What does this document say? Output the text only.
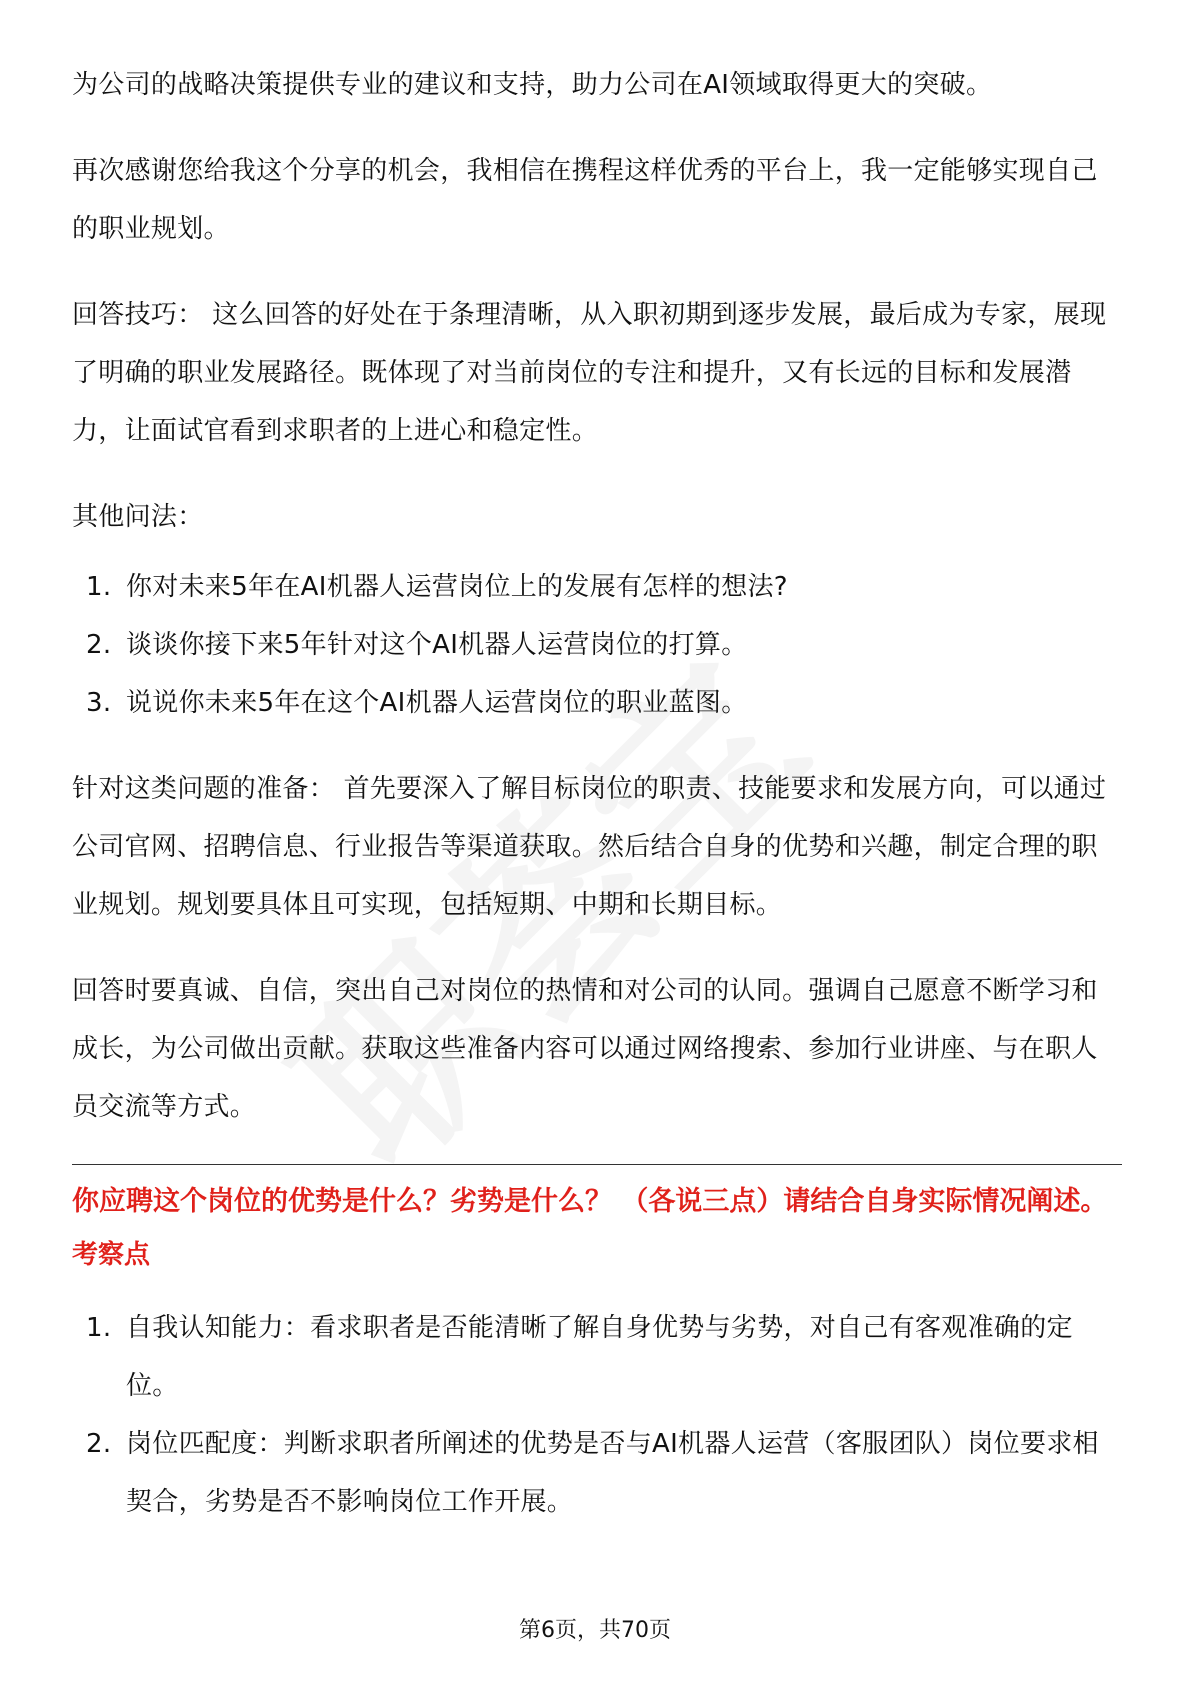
为公司的战略决策提供专业的建议和支持，助力公司在AI领域取得更大的突破。

再次感谢您给我这个分享的机会，我相信在携程这样优秀的平台上，我一定能够实现自己的职业规划。

回答技巧： 这么回答的好处在于条理清晰，从入职初期到逐步发展，最后成为专家，展现了明确的职业发展路径。既体现了对当前岗位的专注和提升，又有长远的目标和发展潜力，让面试官看到求职者的上进心和稳定性。

其他问法：

1. 你对未来5年在AI机器人运营岗位上的发展有怎样的想法?
2. 谈谈你接下来5年针对这个AI机器人运营岗位的打算。
3. 说说你未来5年在这个AI机器人运营岗位的职业蓝图。

针对这类问题的准备： 首先要深入了解目标岗位的职责、技能要求和发展方向，可以通过公司官网、招聘信息、行业报告等渠道获取。然后结合自身的优势和兴趣，制定合理的职业规划。规划要具体且可实现，包括短期、中期和长期目标。

回答时要真诚、自信，突出自己对岗位的热情和对公司的认同。强调自己愿意不断学习和成长，为公司做出贡献。获取这些准备内容可以通过网络搜索、参加行业讲座、与在职人员交流等方式。

你应聘这个岗位的优势是什么？劣势是什么？ （各说三点）请结合自身实际情况阐述。
考察点
1. 自我认知能力：看求职者是否能清晰了解自身优势与劣势，对自己有客观准确的定位。
2. 岗位匹配度：判断求职者所阐述的优势是否与AI机器人运营（客服团队）岗位要求相契合，劣势是否不影响岗位工作开展。
第6页，共70页
